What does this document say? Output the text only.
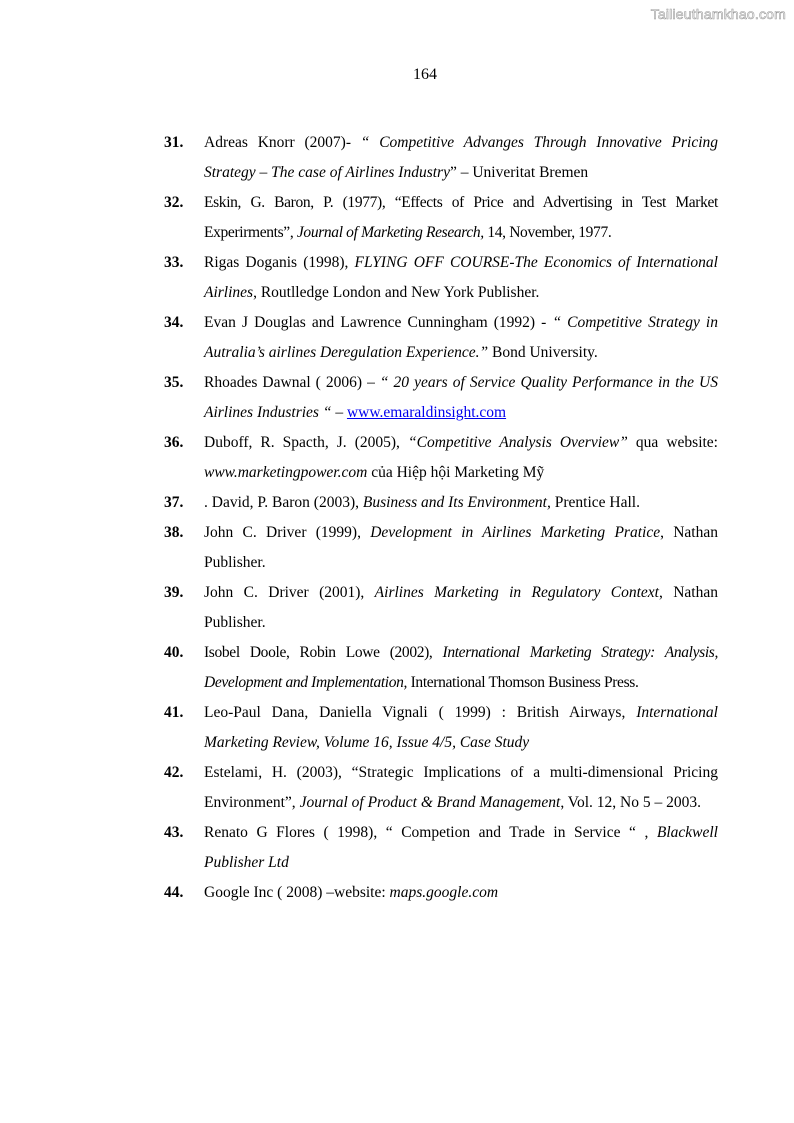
Tailieuthamkhao.com
164
31.	Adreas Knorr (2007)- “ Competitive Advanges Through Innovative Pricing Strategy – The case of Airlines Industry” – Univeritat Bremen
32.	Eskin, G. Baron, P. (1977), “Effects of Price and Advertising in Test Market Experirments”, Journal of Marketing Research, 14, November, 1977.
33.	Rigas Doganis (1998), FLYING OFF COURSE-The Economics of International Airlines, Routlledge London and New York Publisher.
34.	Evan J Douglas and Lawrence Cunningham (1992) - “ Competitive Strategy in Autralia’s airlines Deregulation Experience.” Bond University.
35.	Rhoades Dawnal ( 2006) – “ 20 years of Service Quality Performance in the US Airlines Industries “ – www.emaraldinsight.com
36.	Duboff, R. Spacth, J. (2005), “Competitive Analysis Overview” qua website: www.marketingpower.com của Hiệp hội Marketing Mỹ
37.	. David, P. Baron (2003), Business and Its Environment, Prentice Hall.
38.	John C. Driver (1999), Development in Airlines Marketing Pratice, Nathan Publisher.
39.	John C. Driver (2001), Airlines Marketing in Regulatory Context, Nathan Publisher.
40.	Isobel Doole, Robin Lowe (2002), International Marketing Strategy: Analysis, Development and Implementation, International Thomson Business Press.
41.	Leo-Paul Dana, Daniella Vignali ( 1999) : British Airways, International Marketing Review, Volume 16, Issue 4/5, Case Study
42.	Estelami, H. (2003), “Strategic Implications of a multi-dimensional Pricing Environment”, Journal of Product & Brand Management, Vol. 12, No 5 – 2003.
43.	Renato G Flores ( 1998), “ Competion and Trade in Service “ , Blackwell Publisher Ltd
44.	Google Inc ( 2008) –website: maps.google.com
